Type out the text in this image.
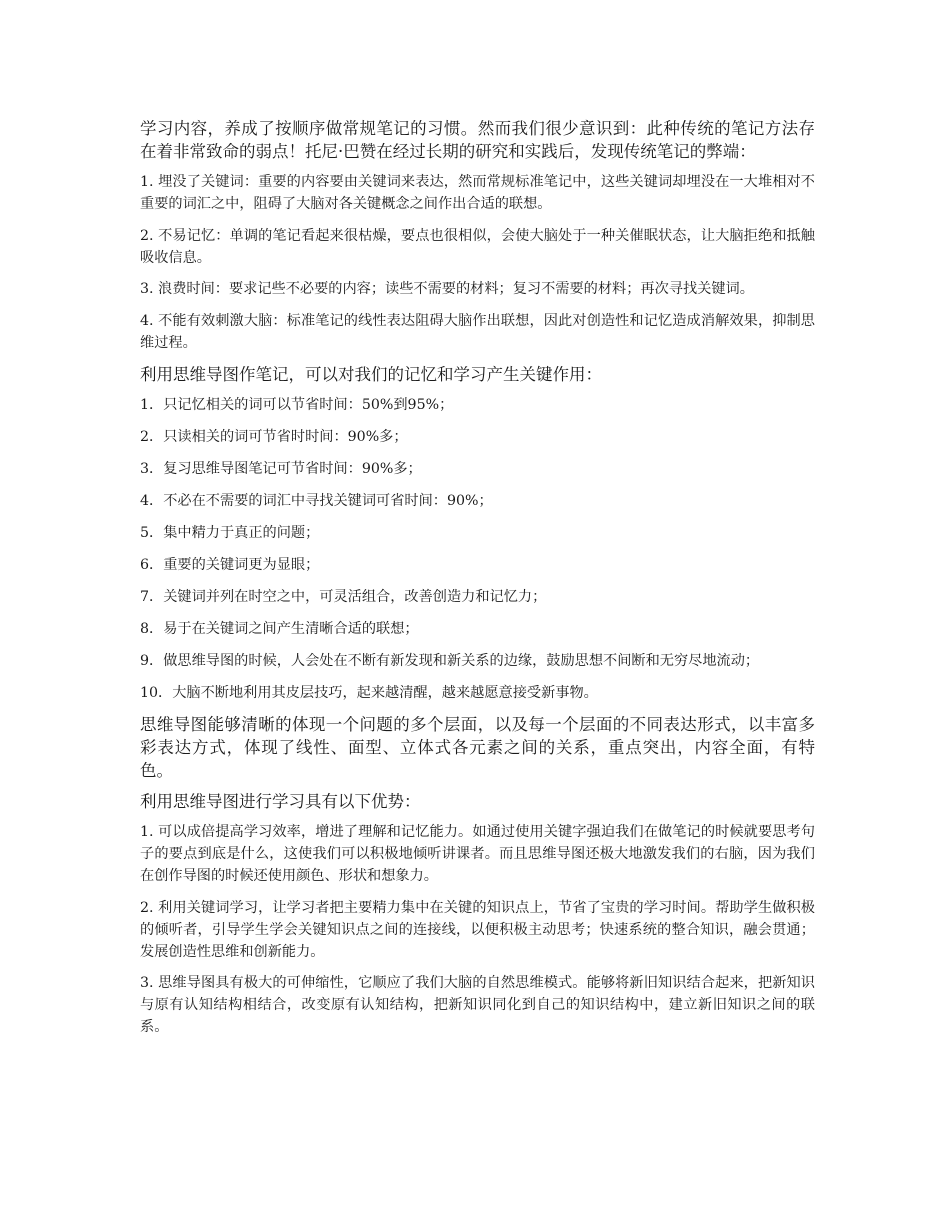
学习内容，养成了按顺序做常规笔记的习惯。然而我们很少意识到：此种传统的笔记方法存在着非常致命的弱点！托尼·巴赞在经过长期的研究和实践后，发现传统笔记的弊端：

1. 埋没了关键词：重要的内容要由关键词来表达，然而常规标准笔记中，这些关键词却埋没在一大堆相对不重要的词汇之中，阻碍了大脑对各关键概念之间作出合适的联想。

2. 不易记忆：单调的笔记看起来很枯燥，要点也很相似，会使大脑处于一种关催眠状态，让大脑拒绝和抵触吸收信息。

3. 浪费时间：要求记些不必要的内容；读些不需要的材料；复习不需要的材料；再次寻找关键词。

4. 不能有效刺激大脑：标准笔记的线性表达阻碍大脑作出联想，因此对创造性和记忆造成消解效果，抑制思维过程。

利用思维导图作笔记，可以对我们的记忆和学习产生关键作用：

1．只记忆相关的词可以节省时间：50%到95%；

2．只读相关的词可节省时时间：90%多；

3．复习思维导图笔记可节省时间：90%多；

4．不必在不需要的词汇中寻找关键词可省时间：90%；

5．集中精力于真正的问题；

6．重要的关键词更为显眼；

7．关键词并列在时空之中，可灵活组合，改善创造力和记忆力；

8．易于在关键词之间产生清晰合适的联想；

9．做思维导图的时候，人会处在不断有新发现和新关系的边缘，鼓励思想不间断和无穷尽地流动；

10．大脑不断地利用其皮层技巧，起来越清醒，越来越愿意接受新事物。

思维导图能够清晰的体现一个问题的多个层面，以及每一个层面的不同表达形式，以丰富多彩表达方式，体现了线性、面型、立体式各元素之间的关系，重点突出，内容全面，有特色。

利用思维导图进行学习具有以下优势：

1. 可以成倍提高学习效率，增进了理解和记忆能力。如通过使用关键字强迫我们在做笔记的时候就要思考句子的要点到底是什么，这使我们可以积极地倾听讲课者。而且思维导图还极大地激发我们的右脑，因为我们在创作导图的时候还使用颜色、形状和想象力。

2. 利用关键词学习，让学习者把主要精力集中在关键的知识点上，节省了宝贵的学习时间。帮助学生做积极的倾听者，引导学生学会关键知识点之间的连接线，以便积极主动思考；快速系统的整合知识，融会贯通；发展创造性思维和创新能力。

3. 思维导图具有极大的可伸缩性，它顺应了我们大脑的自然思维模式。能够将新旧知识结合起来，把新知识与原有认知结构相结合，改变原有认知结构，把新知识同化到自己的知识结构中，建立新旧知识之间的联系。
